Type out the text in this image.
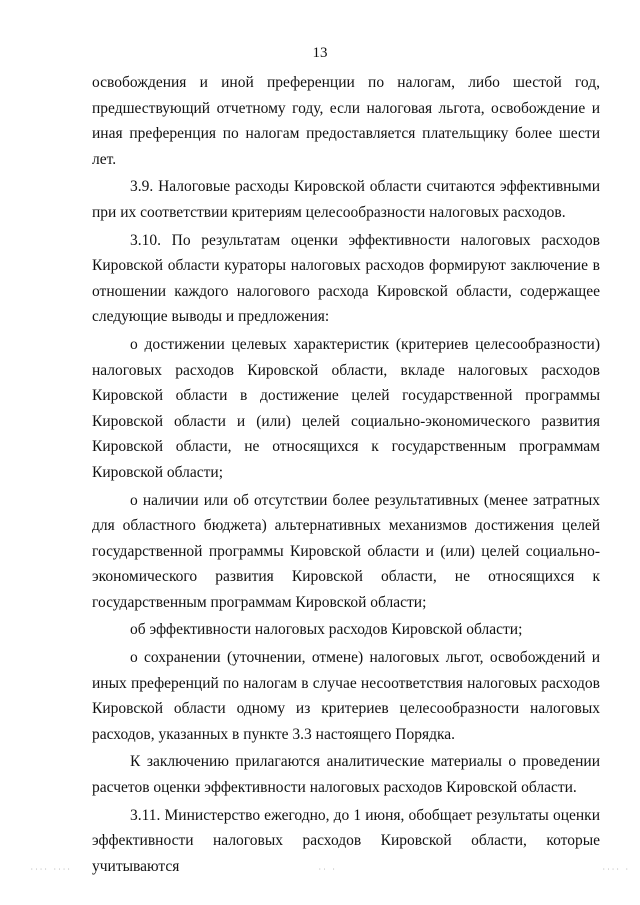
13

освобождения и иной преференции по налогам, либо шестой год, предшествующий отчетному году, если налоговая льгота, освобождение и иная преференция по налогам предоставляется плательщику более шести лет.

3.9. Налоговые расходы Кировской области считаются эффективными при их соответствии критериям целесообразности налоговых расходов.

3.10. По результатам оценки эффективности налоговых расходов Кировской области кураторы налоговых расходов формируют заключение в отношении каждого налогового расхода Кировской области, содержащее следующие выводы и предложения:

о достижении целевых характеристик (критериев целесообразности) налоговых расходов Кировской области, вкладе налоговых расходов Кировской области в достижение целей государственной программы Кировской области и (или) целей социально-экономического развития Кировской области, не относящихся к государственным программам Кировской области;

о наличии или об отсутствии более результативных (менее затратных для областного бюджета) альтернативных механизмов достижения целей государственной программы Кировской области и (или) целей социально-экономического развития Кировской области, не относящихся к государственным программам Кировской области;

об эффективности налоговых расходов Кировской области;

о сохранении (уточнении, отмене) налоговых льгот, освобождений и иных преференций по налогам в случае несоответствия налоговых расходов Кировской области одному из критериев целесообразности налоговых расходов, указанных в пункте 3.3 настоящего Порядка.

К заключению прилагаются аналитические материалы о проведении расчетов оценки эффективности налоговых расходов Кировской области.

3.11. Министерство ежегодно, до 1 июня, обобщает результаты оценки эффективности налоговых расходов Кировской области, которые учитываются

···· ····	·· ·	···· ·
